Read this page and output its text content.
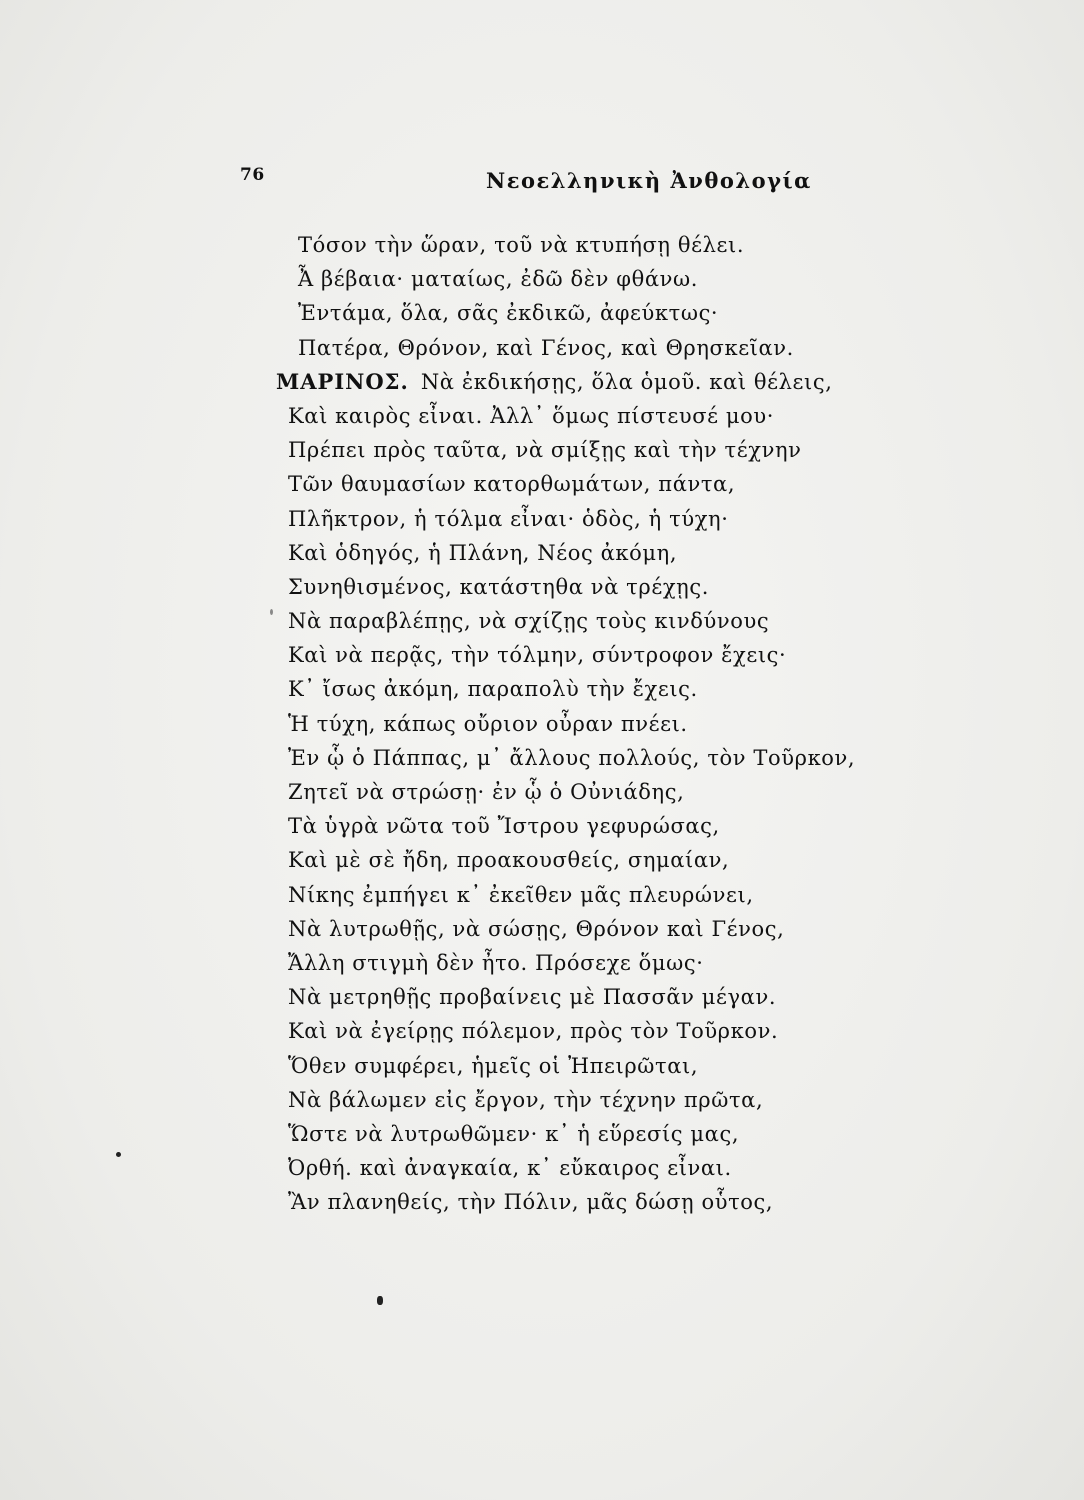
76	Νεοελληνικὴ Ἀνθολογία
Τόσον τὴν ὥραν, τοῦ νὰ κτυπήσῃ θέλει.
Ἆ βέβαια· ματαίως, ἐδῶ δὲν φθάνω.
Ἐντάμα, ὅλα, σᾶς ἐκδικῶ, ἀφεύκτως·
Πατέρα, Θρόνον, καὶ Γένος, καὶ Θρησκεῖαν.
ΜΑΡΙΝΟΣ. Νὰ ἐκδικήσῃς, ὅλα ὁμοῦ. καὶ θέλεις,
Καὶ καιρὸς εἶναι. Ἀλλ᾽ ὅμως πίστευσέ μου·
Πρέπει πρὸς ταῦτα, νὰ σμίξῃς καὶ τὴν τέχνην
Τῶν θαυμασίων κατορθωμάτων, πάντα,
Πλῆκτρον, ἡ τόλμα εἶναι· ὁδὸς, ἡ τύχη·
Καὶ ὁδηγός, ἡ Πλάνη, Νέος ἀκόμη,
Συνηθισμένος, κατάστηθα νὰ τρέχῃς.
Νὰ παραβλέπῃς, νὰ σχίζῃς τοὺς κινδύνους
Καὶ νὰ περᾷς, τὴν τόλμην, σύντροφον ἔχεις·
Κ᾽ ἴσως ἀκόμη, παραπολὺ τὴν ἔχεις.
Ἡ τύχη, κάπως οὔριον οὖραν πνέει.
Ἐν ᾧ ὁ Πάππας, μ᾽ ἄλλους πολλούς, τὸν Τοῦρκον,
Ζητεῖ νὰ στρώσῃ· ἐν ᾧ ὁ Οὐνιάδης,
Τὰ ὑγρὰ νῶτα τοῦ Ἴστρου γεφυρώσας,
Καὶ μὲ σὲ ἤδη, προακουσθείς, σημαίαν,
Νίκης ἐμπήγει κ᾽ ἐκεῖθεν μᾶς πλευρώνει,
Νὰ λυτρωθῇς, νὰ σώσῃς, Θρόνον καὶ Γένος,
Ἄλλη στιγμὴ δὲν ἦτο. Πρόσεχε ὅμως·
Νὰ μετρηθῇς προβαίνεις μὲ Πασσᾶν μέγαν.
Καὶ νὰ ἐγείρῃς πόλεμον, πρὸς τὸν Τοῦρκον.
Ὅθεν συμφέρει, ἡμεῖς οἱ Ἠπειρῶται,
Νὰ βάλωμεν εἰς ἔργον, τὴν τέχνην πρῶτα,
Ὥστε νὰ λυτρωθῶμεν· κ᾽ ἡ εὕρεσίς μας,
Ὀρθή. καὶ ἀναγκαία, κ᾽ εὔκαιρος εἶναι.
Ἂν πλανηθείς, τὴν Πόλιν, μᾶς δώσῃ οὗτος,
